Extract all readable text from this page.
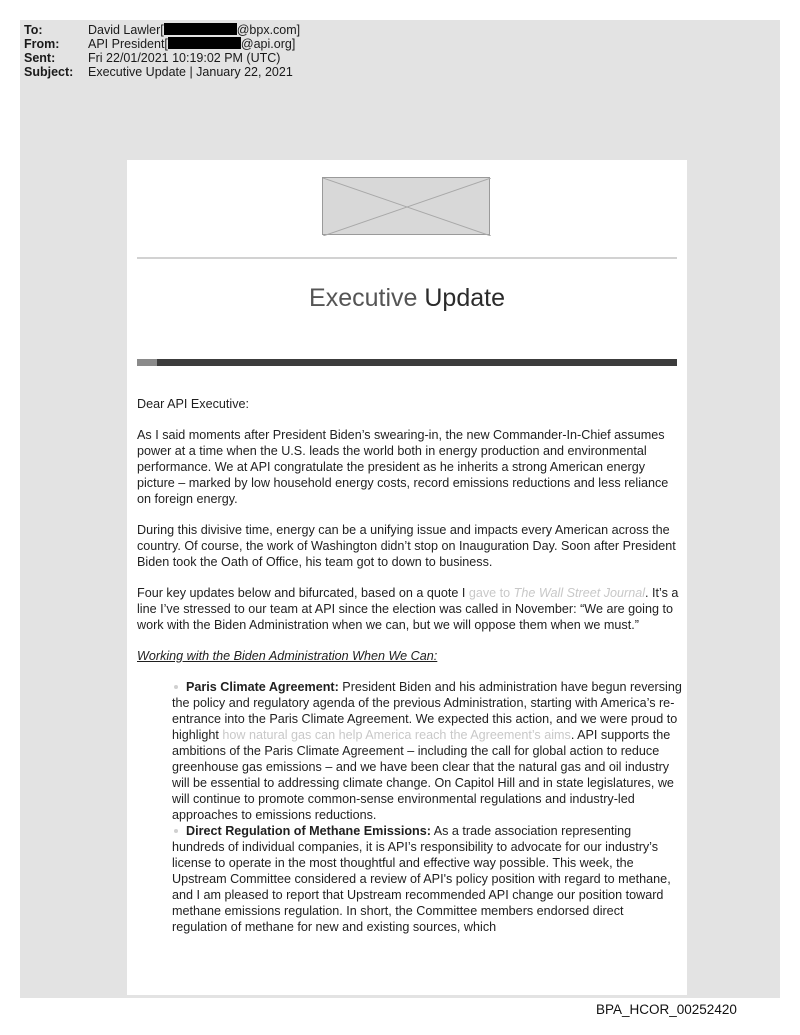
To:	David Lawler[	@bpx.com]
From:	API President[	@api.org]
Sent:	Fri 22/01/2021 10:19:02 PM (UTC)
Subject:	Executive Update | January 22, 2021
Executive Update

Dear API Executive:

As I said moments after President Biden’s swearing-in, the new Commander-In-Chief assumes power at a time when the U.S. leads the world both in energy production and environmental performance. We at API congratulate the president as he inherits a strong American energy picture – marked by low household energy costs, record emissions reductions and less reliance on foreign energy.

During this divisive time, energy can be a unifying issue and impacts every American across the country. Of course, the work of Washington didn’t stop on Inauguration Day. Soon after President Biden took the Oath of Office, his team got to down to business.

Four key updates below and bifurcated, based on a quote I gave to The Wall Street Journal. It’s a line I’ve stressed to our team at API since the election was called in November: “We are going to work with the Biden Administration when we can, but we will oppose them when we must.”

Working with the Biden Administration When We Can:

Paris Climate Agreement: President Biden and his administration have begun reversing the policy and regulatory agenda of the previous Administration, starting with America’s re-entrance into the Paris Climate Agreement. We expected this action, and we were proud to highlight how natural gas can help America reach the Agreement’s aims. API supports the ambitions of the Paris Climate Agreement – including the call for global action to reduce greenhouse gas emissions – and we have been clear that the natural gas and oil industry will be essential to addressing climate change. On Capitol Hill and in state legislatures, we will continue to promote common-sense environmental regulations and industry-led approaches to emissions reductions.
Direct Regulation of Methane Emissions: As a trade association representing hundreds of individual companies, it is API’s responsibility to advocate for our industry’s license to operate in the most thoughtful and effective way possible. This week, the Upstream Committee considered a review of API's policy position with regard to methane, and I am pleased to report that Upstream recommended API change our position toward methane emissions regulation. In short, the Committee members endorsed direct regulation of methane for new and existing sources, which
BPA_HCOR_00252420
